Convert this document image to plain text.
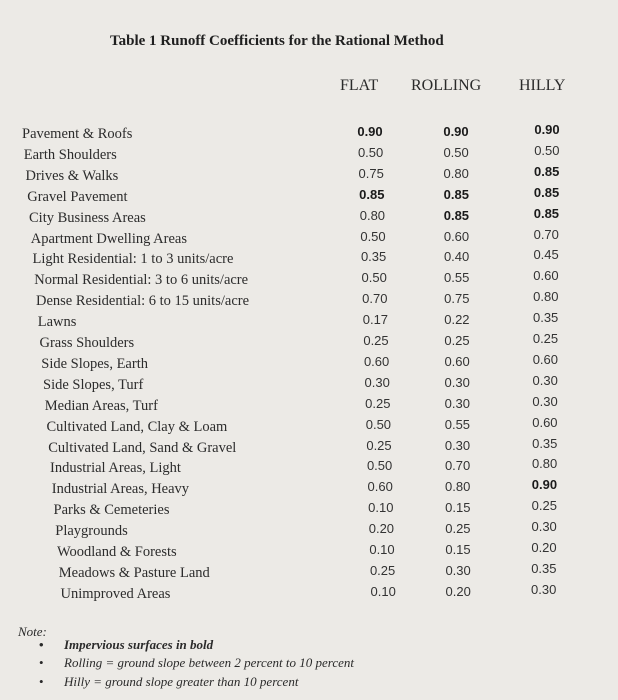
Table 1 Runoff Coefficients for the Rational Method
FLAT ROLLING HILLY
Pavement & Roofs	0.90	0.90	0.90
Earth Shoulders	0.50	0.50	0.50
Drives & Walks	0.75	0.80	0.85
Gravel Pavement	0.85	0.85	0.85
City Business Areas	0.80	0.85	0.85
Apartment Dwelling Areas	0.50	0.60	0.70
Light Residential: 1 to 3 units/acre	0.35	0.40	0.45
Normal Residential: 3 to 6 units/acre	0.50	0.55	0.60
Dense Residential: 6 to 15 units/acre	0.70	0.75	0.80
Lawns	0.17	0.22	0.35
Grass Shoulders	0.25	0.25	0.25
Side Slopes, Earth	0.60	0.60	0.60
Side Slopes, Turf	0.30	0.30	0.30
Median Areas, Turf	0.25	0.30	0.30
Cultivated Land, Clay & Loam	0.50	0.55	0.60
Cultivated Land, Sand & Gravel	0.25	0.30	0.35
Industrial Areas, Light	0.50	0.70	0.80
Industrial Areas, Heavy	0.60	0.80	0.90
Parks & Cemeteries	0.10	0.15	0.25
Playgrounds	0.20	0.25	0.30
Woodland & Forests	0.10	0.15	0.20
Meadows & Pasture Land	0.25	0.30	0.35
Unimproved Areas	0.10	0.20	0.30
Note:
• Impervious surfaces in bold
• Rolling = ground slope between 2 percent to 10 percent
• Hilly = ground slope greater than 10 percent
